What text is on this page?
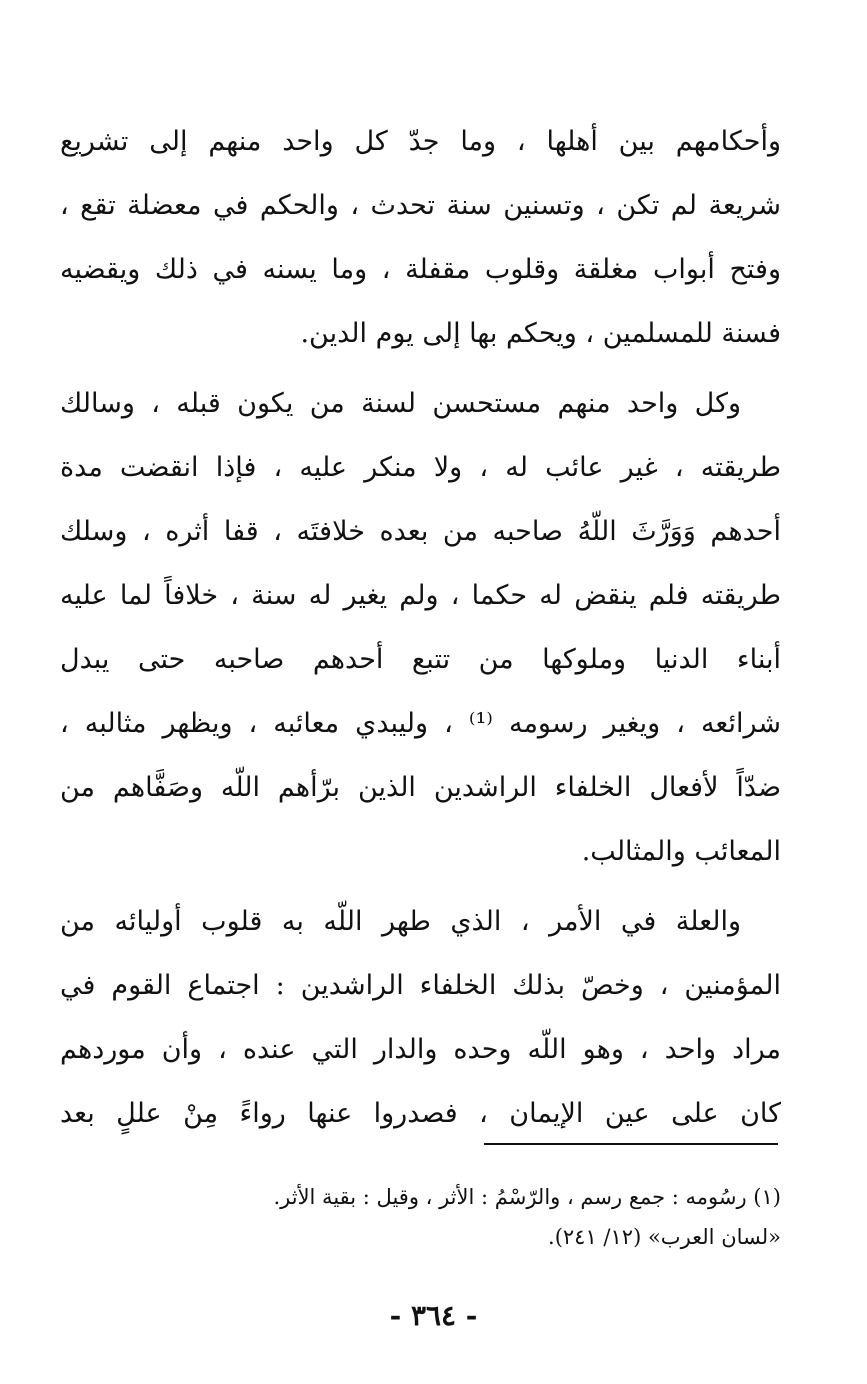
وأحكامهم بين أهلها ، وما جدّ كل واحد منهم إلى تشريع
شريعة لم تكن ، وتسنين سنة تحدث ، والحكم في معضلة تقع ،
وفتح أبواب مغلقة وقلوب مقفلة ، وما يسنه في ذلك ويقضيه
فسنة للمسلمين ، ويحكم بها إلى يوم الدين.
وكل واحد منهم مستحسن لسنة من يكون قبله ، وسالك
طريقته ، غير عائب له ، ولا منكر عليه ، فإذا انقضت مدة
أحدهم وَوَرَّثَ اللّهُ صاحبه من بعده خلافتَه ، قفا أثره ، وسلك
طريقته فلم ينقض له حكما ، ولم يغير له سنة ، خلافاً لما عليه
أبناء الدنيا وملوكها من تتبع أحدهم صاحبه حتى يبدل
شرائعه ، ويغير رسومه ⁽¹⁾ ، وليبدي معائبه ، ويظهر مثالبه ،
ضدّاً لأفعال الخلفاء الراشدين الذين برّأهم اللّه وصَفَّاهم من
المعائب والمثالب.
والعلة في الأمر ، الذي طهر اللّه به قلوب أوليائه من
المؤمنين ، وخصّ بذلك الخلفاء الراشدين : اجتماع القوم في
مراد واحد ، وهو اللّه وحده والدار التي عنده ، وأن موردهم
كان على عين الإيمان ، فصدروا عنها رواءً مِنْ عللٍ بعد
(١) رسُومه : جمع رسم ، والرّسْمُ : الأثر ، وقيل : بقية الأثر.
«لسان العرب» (١٢/ ٢٤١).
- ٣٦٤ -
